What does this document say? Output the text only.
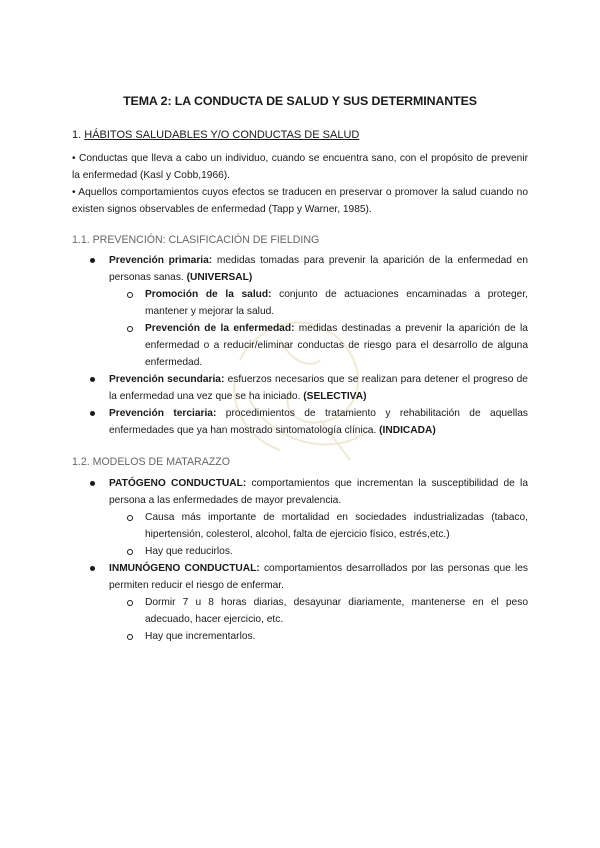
TEMA 2: LA CONDUCTA DE SALUD Y SUS DETERMINANTES
1. HÁBITOS SALUDABLES Y/O CONDUCTAS DE SALUD
• Conductas que lleva a cabo un individuo, cuando se encuentra sano, con el propósito de prevenir la enfermedad (Kasl y Cobb,1966).
• Aquellos comportamientos cuyos efectos se traducen en preservar o promover la salud cuando no existen signos observables de enfermedad (Tapp y Warner, 1985).
1.1. PREVENCIÓN: CLASIFICACIÓN DE FIELDING
Prevención primaria: medidas tomadas para prevenir la aparición de la enfermedad en personas sanas. (UNIVERSAL)
Promoción de la salud: conjunto de actuaciones encaminadas a proteger, mantener y mejorar la salud.
Prevención de la enfermedad: medidas destinadas a prevenir la aparición de la enfermedad o a reducir/eliminar conductas de riesgo para el desarrollo de alguna enfermedad.
Prevención secundaria: esfuerzos necesarios que se realizan para detener el progreso de la enfermedad una vez que se ha iniciado. (SELECTIVA)
Prevención terciaria: procedimientos de tratamiento y rehabilitación de aquellas enfermedades que ya han mostrado sintomatología clínica. (INDICADA)
1.2. MODELOS DE MATARAZZO
PATÓGENO CONDUCTUAL: comportamientos que incrementan la susceptibilidad de la persona a las enfermedades de mayor prevalencia.
Causa más importante de mortalidad en sociedades industrializadas (tabaco, hipertensión, colesterol, alcohol, falta de ejercicio físico, estrés,etc.)
Hay que reducirlos.
INMUNÓGENO CONDUCTUAL: comportamientos desarrollados por las personas que les permiten reducir el riesgo de enfermar.
Dormir 7 u 8 horas diarias, desayunar diariamente, mantenerse en el peso adecuado, hacer ejercicio, etc.
Hay que incrementarlos.
